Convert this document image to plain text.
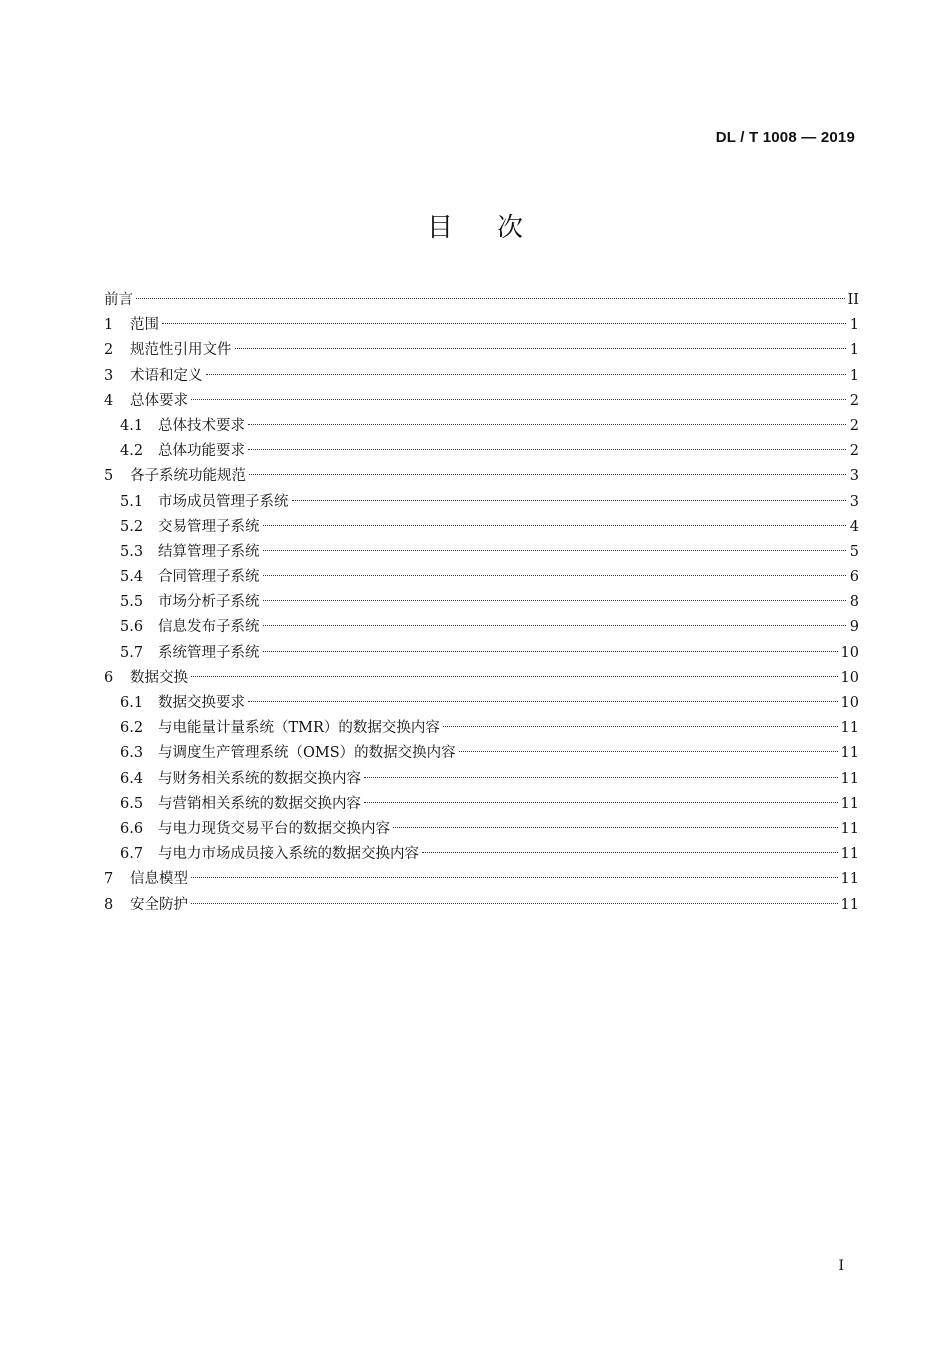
DL / T 1008 — 2019
目次
前言	II
1	范围	1
2	规范性引用文件	1
3	术语和定义	1
4	总体要求	2
4.1	总体技术要求	2
4.2	总体功能要求	2
5	各子系统功能规范	3
5.1	市场成员管理子系统	3
5.2	交易管理子系统	4
5.3	结算管理子系统	5
5.4	合同管理子系统	6
5.5	市场分析子系统	8
5.6	信息发布子系统	9
5.7	系统管理子系统	10
6	数据交换	10
6.1	数据交换要求	10
6.2	与电能量计量系统（TMR）的数据交换内容	11
6.3	与调度生产管理系统（OMS）的数据交换内容	11
6.4	与财务相关系统的数据交换内容	11
6.5	与营销相关系统的数据交换内容	11
6.6	与电力现货交易平台的数据交换内容	11
6.7	与电力市场成员接入系统的数据交换内容	11
7	信息模型	11
8	安全防护	11
I
